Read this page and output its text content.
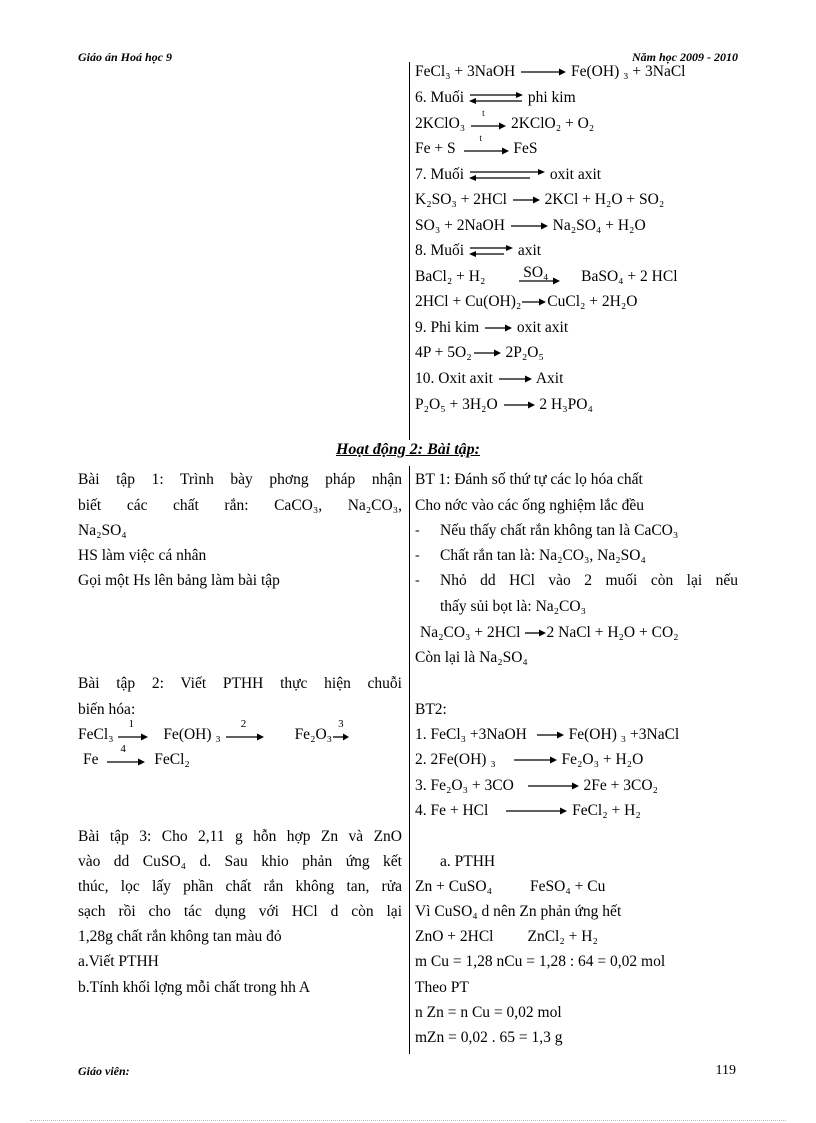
Giáo án Hoá học 9	Năm học 2009 - 2010
FeCl₃ + 3NaOH	Fe(OH) ₃ + 3NaCl
6. Muối ⇌ phi kim
2KClO₃
t
2KClO₂ + O₂
Fe + S
t
FeS
7. Muối	oxit axit
K₂SO₃ + 2HCl 2KCl + H₂O + SO₂
SO₃ + 2NaOH	Na₂SO₄ + H₂O
8. Muối ⇌ axit
BaCl₂ + H₂ SO₄ BaSO₄ + 2 HCl
2HCl + Cu(OH)₂ CuCl₂ + 2H₂O
9. Phi kim oxit axit
4P + 5O₂ 2P₂O₅
10. Oxit axit	Axit
P₂O₅ + 3H₂O	2 H₃PO₄
Hoạt động 2: Bài tập:
Bài tập 1: Trình bày phơng pháp nhận
biết các chất rắn: CaCO₃, Na₂CO₃,
Na₂SO₄
HS làm việc cá nhân
Gọi một Hs lên bảng làm bài tập
Bài tập 2: Viết PTHH thực hiện chuỗi
biến hóa:
FeCl₃
1
Fe(OH) ₃
2
Fe₂O₃
3
Fe
4
FeCl₂
Bài tập 3: Cho 2,11 g hỗn hợp Zn và ZnO
vào dd CuSO₄ d. Sau khio phản ứng kết
thúc, lọc lấy phần chất rắn không tan, rửa
sạch rồi cho tác dụng với HCl d còn lại
1,28g chất rắn không tan màu đỏ
a.Viết PTHH
b.Tính khối lợng mỗi chất trong hh A
BT 1: Đánh số thứ tự các lọ hóa chất
Cho nớc vào các ống nghiệm lắc đều
- Nếu thấy chất rắn không tan là CaCO₃
- Chất rắn tan là: Na₂CO₃, Na₂SO₄
- Nhỏ dd HCl vào 2 muối còn lại nếu
thấy sủi bọt là: Na₂CO₃
Na₂CO₃ + 2HCl 2 NaCl + H₂O + CO₂
Còn lại là Na₂SO₄
BT2:
1. FeCl₃ +3NaOH	Fe(OH) ₃ +3NaCl
2. 2Fe(OH) ₃	Fe₂O₃ + H₂O
3. Fe₂O₃ + 3CO	2Fe + 3CO₂
4. Fe + HCl	FeCl₂ + H₂
a. PTHH
Zn + CuSO₄ FeSO₄ + Cu
Vì CuSO₄ d nên Zn phản ứng hết
ZnO + 2HCl ZnCl₂ + H₂
m Cu = 1,28 nCu = 1,28 : 64 = 0,02 mol
Theo PT
n Zn = n Cu = 0,02 mol
mZn = 0,02 . 65 = 1,3 g
Giáo viên:	119
